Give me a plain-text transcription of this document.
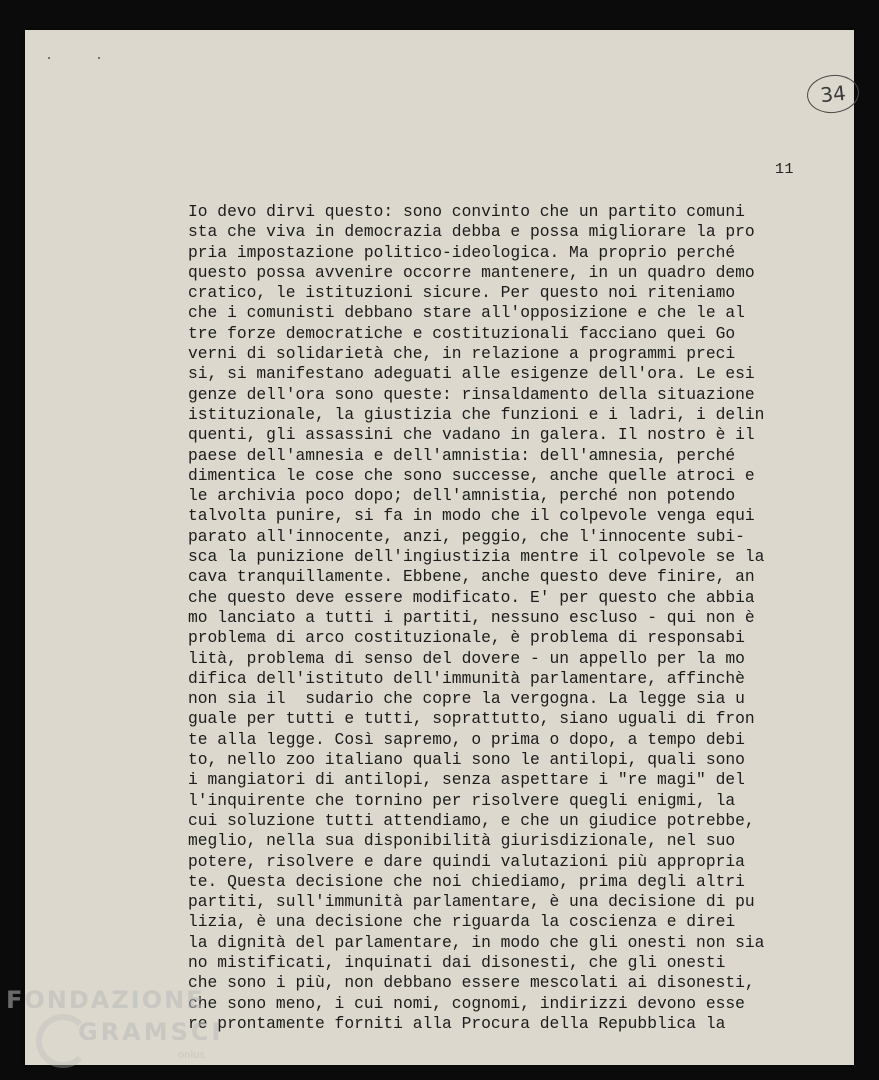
34
11
Io devo dirvi questo: sono convinto che un partito comuni
sta che viva in democrazia debba e possa migliorare la pro
pria impostazione politico-ideologica. Ma proprio perché
questo possa avvenire occorre mantenere, in un quadro demo
cratico, le istituzioni sicure. Per questo noi riteniamo
che i comunisti debbano stare all'opposizione e che le al
tre forze democratiche e costituzionali facciano quei Go
verni di solidarietà che, in relazione a programmi preci
si, si manifestano adeguati alle esigenze dell'ora. Le esi
genze dell'ora sono queste: rinsaldamento della situazione
istituzionale, la giustizia che funzioni e i ladri, i delin
quenti, gli assassini che vadano in galera. Il nostro è il
paese dell'amnesia e dell'amnistia: dell'amnesia, perché
dimentica le cose che sono successe, anche quelle atroci e
le archivia poco dopo; dell'amnistia, perché non potendo
talvolta punire, si fa in modo che il colpevole venga equi
parato all'innocente, anzi, peggio, che l'innocente subi-
sca la punizione dell'ingiustizia mentre il colpevole se la
cava tranquillamente. Ebbene, anche questo deve finire, an
che questo deve essere modificato. E' per questo che abbia
mo lanciato a tutti i partiti, nessuno escluso - qui non è
problema di arco costituzionale, è problema di responsabi
lità, problema di senso del dovere - un appello per la mo
difica dell'istituto dell'immunità parlamentare, affinchè
non sia il  sudario che copre la vergogna. La legge sia u
guale per tutti e tutti, soprattutto, siano uguali di fron
te alla legge. Così sapremo, o prima o dopo, a tempo debi
to, nello zoo italiano quali sono le antilopi, quali sono
i mangiatori di antilopi, senza aspettare i "re magi" del
l'inquirente che tornino per risolvere quegli enigmi, la
cui soluzione tutti attendiamo, e che un giudice potrebbe,
meglio, nella sua disponibilità giurisdizionale, nel suo
potere, risolvere e dare quindi valutazioni più appropria
te. Questa decisione che noi chiediamo, prima degli altri
partiti, sull'immunità parlamentare, è una decisione di pu
lizia, è una decisione che riguarda la coscienza e direi
la dignità del parlamentare, in modo che gli onesti non sia
no mistificati, inquinati dai disonesti, che gli onesti
che sono i più, non debbano essere mescolati ai disonesti,
che sono meno, i cui nomi, cognomi, indirizzi devono esse
re prontamente forniti alla Procura della Repubblica la
FONDAZIONE
GRAMSCI
onlus
